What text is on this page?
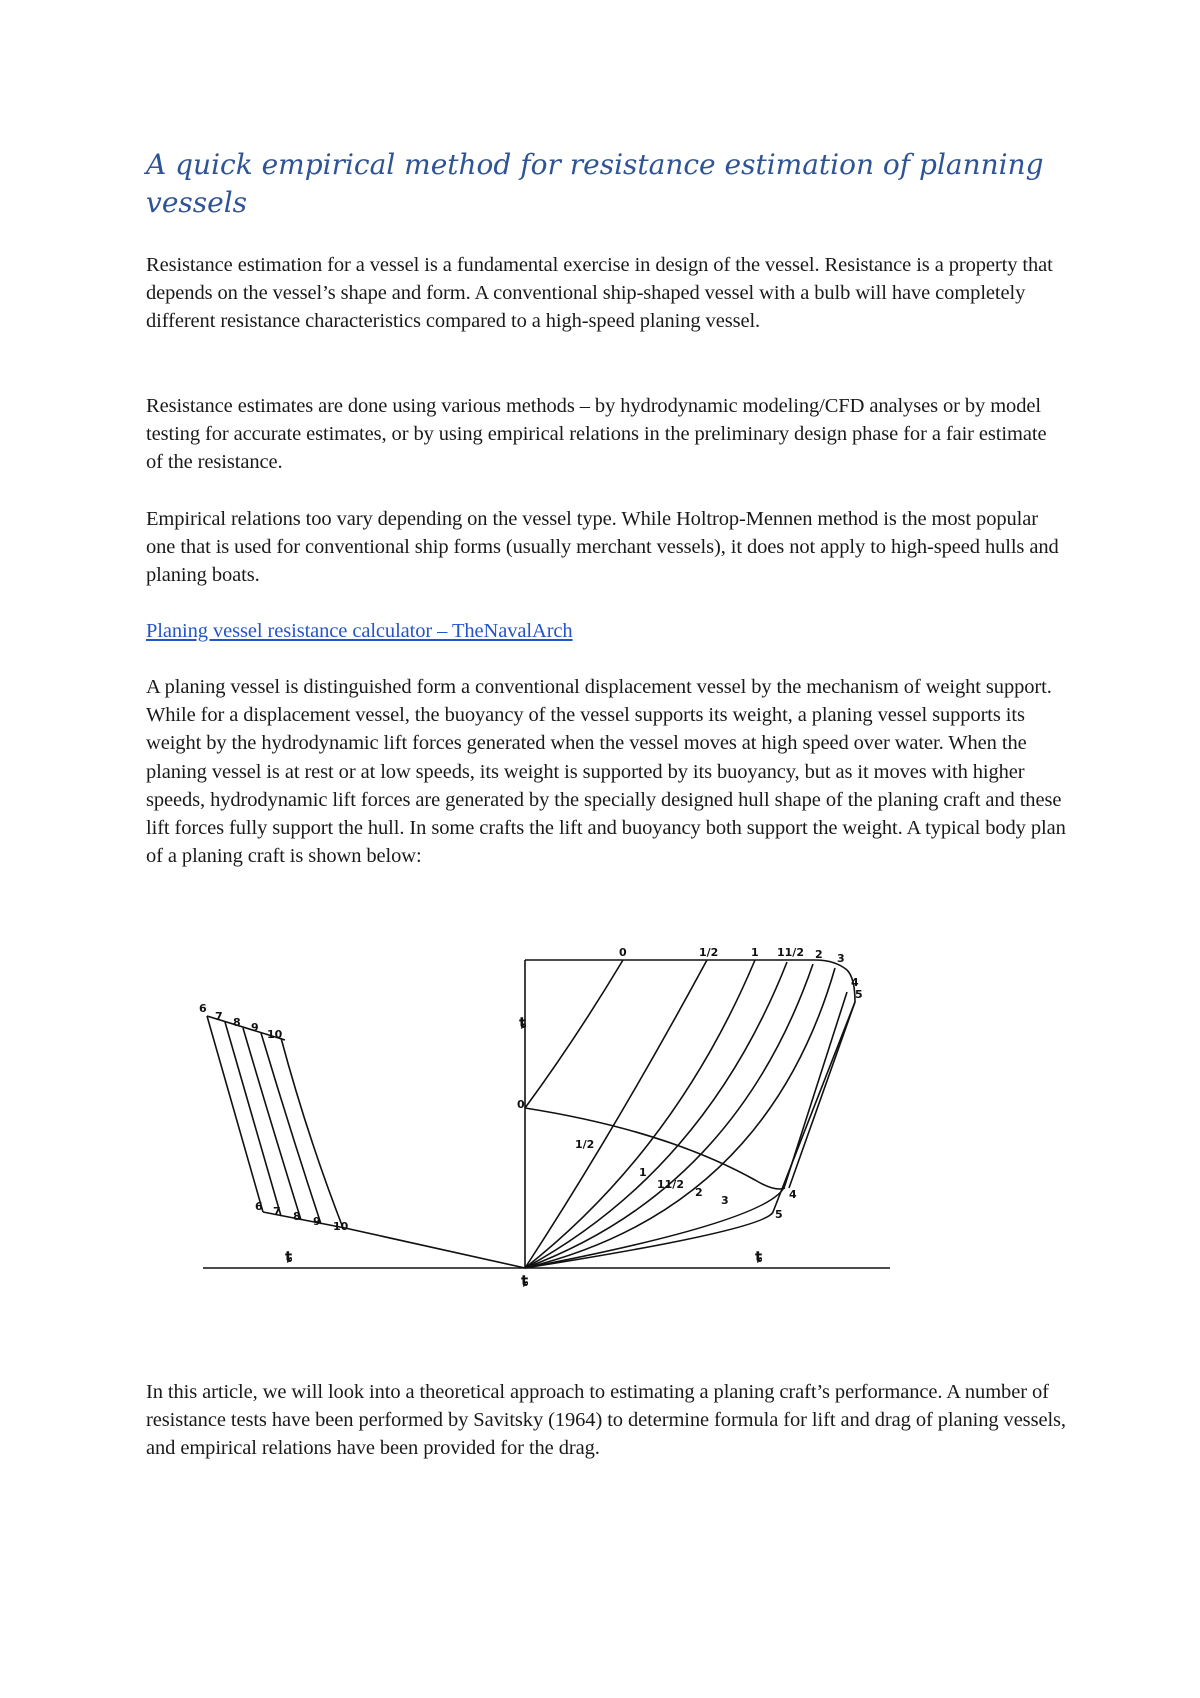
A quick empirical method for resistance estimation of planning vessels

Resistance estimation for a vessel is a fundamental exercise in design of the vessel. Resistance is a property that depends on the vessel’s shape and form. A conventional ship-shaped vessel with a bulb will have completely different resistance characteristics compared to a high-speed planing vessel.

Resistance estimates are done using various methods – by hydrodynamic modeling/CFD analyses or by model testing for accurate estimates, or by using empirical relations in the preliminary design phase for a fair estimate of the resistance.

Empirical relations too vary depending on the vessel type. While Holtrop-Mennen method is the most popular one that is used for conventional ship forms (usually merchant vessels), it does not apply to high-speed hulls and planing boats.

Planing vessel resistance calculator – TheNavalArch

A planing vessel is distinguished form a conventional displacement vessel by the mechanism of weight support. While for a displacement vessel, the buoyancy of the vessel supports its weight, a planing vessel supports its weight by the hydrodynamic lift forces generated when the vessel moves at high speed over water. When the planing vessel is at rest or at low speeds, its weight is supported by its buoyancy, but as it moves with higher speeds, hydrodynamic lift forces are generated by the specially designed hull shape of the planing craft and these lift forces fully support the hull. In some crafts the lift and buoyancy both support the weight. A typical body plan of a planing craft is shown below:

6
7 8 9
10
6 7 8 9 10
0	1/2	1 11/2 2 3
4
5
0
1/2
1
11/2
2
3	4
5
ȶ
ȶ
ȶ	ȶ

In this article, we will look into a theoretical approach to estimating a planing craft’s performance. A number of resistance tests have been performed by Savitsky (1964) to determine formula for lift and drag of planing vessels, and empirical relations have been provided for the drag.
